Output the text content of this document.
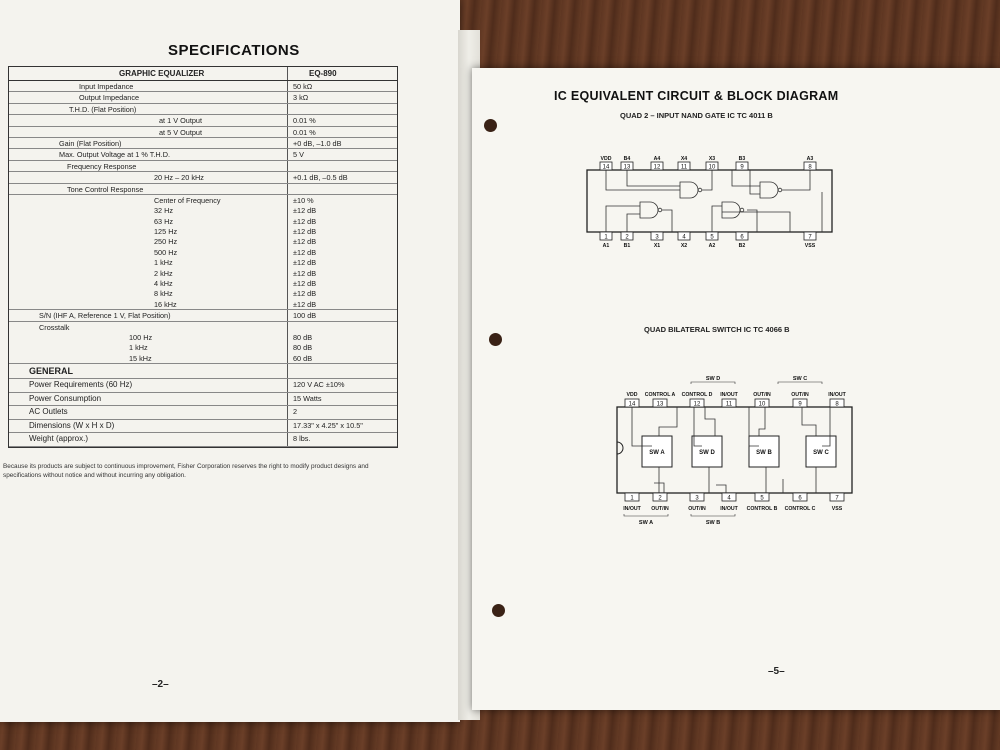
SPECIFICATIONS
GRAPHIC EQUALIZER	EQ-890
Input Impedance	50 kΩ
Output Impedance	3 kΩ
T.H.D. (Flat Position)
at 1 V Output	0.01 %
at 5 V Output	0.01 %
Gain (Flat Position)	+0 dB, –1.0 dB
Max. Output Voltage at 1 % T.H.D.	5 V
Frequency Response
20 Hz – 20 kHz	+0.1 dB, –0.5 dB
Tone Control Response
Center of Frequency	±10 %
32 Hz	±12 dB
63 Hz	±12 dB
125 Hz	±12 dB
250 Hz	±12 dB
500 Hz	±12 dB
1 kHz	±12 dB
2 kHz	±12 dB
4 kHz	±12 dB
8 kHz	±12 dB
16 kHz	±12 dB
S/N (IHF A, Reference 1 V, Flat Position)	100 dB
Crosstalk
100 Hz	80 dB
1 kHz	80 dB
15 kHz	60 dB
GENERAL
Power Requirements (60 Hz)	120 V AC ±10%
Power Consumption	15 Watts
AC Outlets	2
Dimensions (W x H x D)	17.33" x 4.25" x 10.5"
Weight (approx.)	8 lbs.
Because its products are subject to continuous improvement, Fisher Corporation reserves the right to modify product designs and specifications without notice and without incurring any obligation.
–2–
IC EQUIVALENT CIRCUIT & BLOCK DIAGRAM
QUAD 2 – INPUT NAND GATE IC TC 4011 B
QUAD BILATERAL SWITCH IC TC 4066 B
14
VDD
13
B4
12
A4
11
X4
10
X3
9
B3
8
A3
1
A1
2
B1
3
X1
4
X2
5
A2
6
B2
7
VSS
SW D	SW C
14
VDD
13
CONTROL A
12
CONTROL D
11
IN/OUT
10
OUT/IN
9
OUT/IN
8
IN/OUT
1
IN/OUT
2
OUT/IN
3
OUT/IN
4
IN/OUT
5
CONTROL B
6
CONTROL C
7
VSS
SW A	SW D	SW B	SW C
SW A	SW B
–5–
